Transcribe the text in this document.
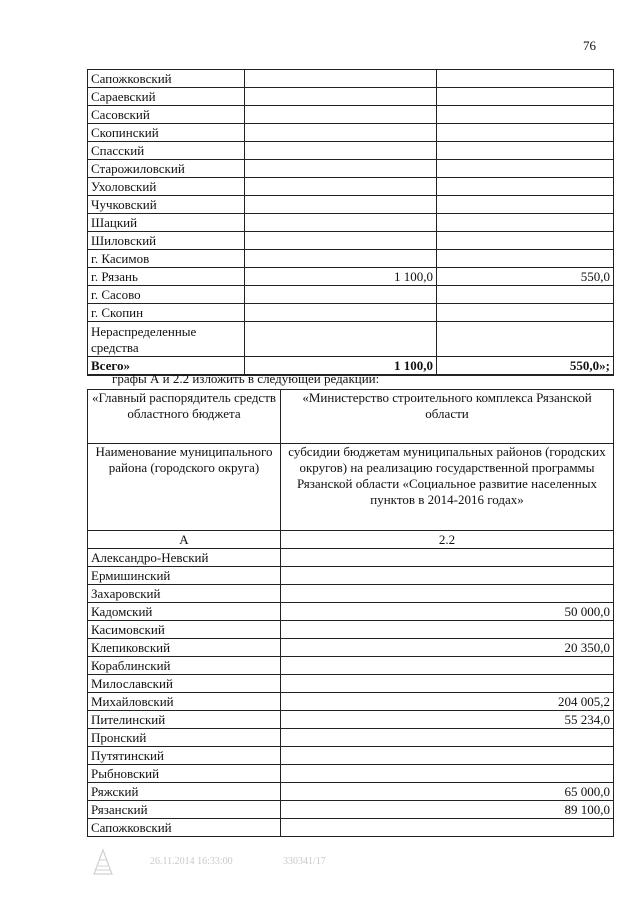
76
Сапожковский		
Сараевский		
Сасовский		
Скопинский		
Спасский		
Старожиловский		
Ухоловский		
Чучковский		
Шацкий		
Шиловский		
г. Касимов		
г. Рязань	1 100,0	550,0
г. Сасово		
г. Скопин		
Нераспределенные средства		
Всего»	1 100,0	550,0»;
графы А и 2.2 изложить в следующей редакции:
«Главный распорядитель средств областного бюджета	«Министерство строительного комплекса Рязанской области
Наименование муниципального района (городского округа)	субсидии бюджетам муниципальных районов (городских округов) на реализацию государственной программы Рязанской области «Социальное развитие населенных пунктов в 2014-2016 годах»
А	2.2
Александро-Невский	
Ермишинский	
Захаровский	
Кадомский	50 000,0
Касимовский	
Клепиковский	20 350,0
Кораблинский	
Милославский	
Михайловский	204 005,2
Пителинский	55 234,0
Пронский	
Путятинский	
Рыбновский	
Ряжский	65 000,0
Рязанский	89 100,0
Сапожковский	
26.11.2014 16:33:00	330341/17
